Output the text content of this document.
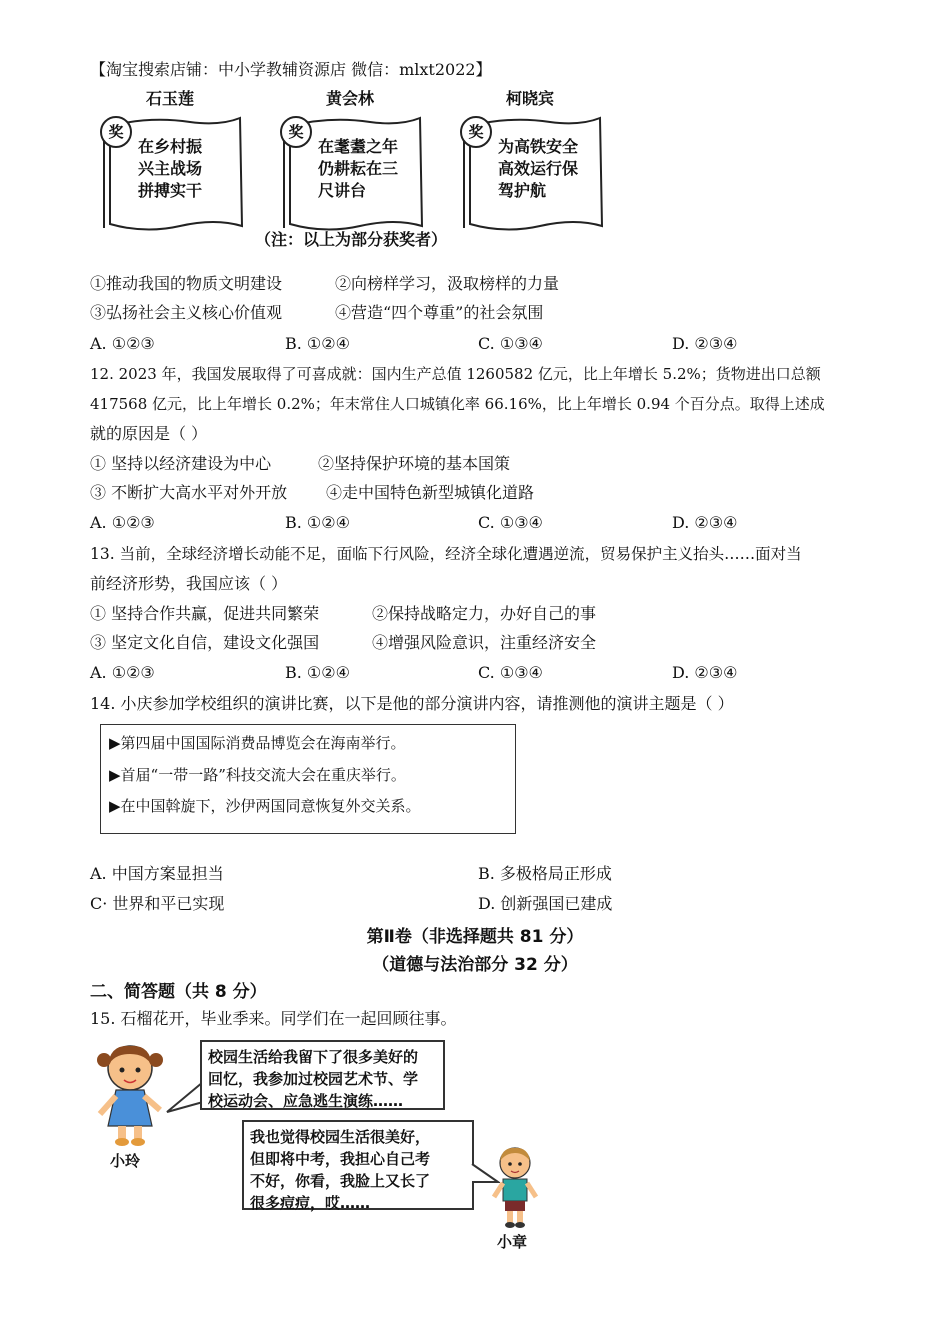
【淘宝搜索店铺：中小学教辅资源店 微信：mlxt2022】
石玉莲
奖
在乡村振
兴主战场
拼搏实干
黄会林
奖
在耄耋之年
仍耕耘在三
尺讲台
柯晓宾
奖
为高铁安全
高效运行保
驾护航
（注：以上为部分获奖者）
①推动我国的物质文明建设	②向榜样学习，汲取榜样的力量
③弘扬社会主义核心价值观	④营造“四个尊重”的社会氛围
A. ①②③	B. ①②④	C. ①③④	D. ②③④
12. 2023 年，我国发展取得了可喜成就：国内生产总值 1260582 亿元，比上年增长 5.2%；货物进出口总额
417568 亿元，比上年增长 0.2%；年末常住人口城镇化率 66.16%，比上年增长 0.94 个百分点。取得上述成
就的原因是（ ）
① 坚持以经济建设为中心	②坚持保护环境的基本国策
③ 不断扩大高水平对外开放 ④走中国特色新型城镇化道路
A. ①②③	B. ①②④	C. ①③④	D. ②③④
13. 当前，全球经济增长动能不足，面临下行风险，经济全球化遭遇逆流，贸易保护主义抬头……面对当
前经济形势，我国应该（ ）
① 坚持合作共赢，促进共同繁荣	②保持战略定力，办好自己的事
③ 坚定文化自信，建设文化强国	④增强风险意识，注重经济安全
A. ①②③	B. ①②④	C. ①③④	D. ②③④
14. 小庆参加学校组织的演讲比赛，以下是他的部分演讲内容，请推测他的演讲主题是（ ）
▶第四届中国国际消费品博览会在海南举行。
▶首届“一带一路”科技交流大会在重庆举行。
▶在中国斡旋下，沙伊两国同意恢复外交关系。
A. 中国方案显担当	B. 多极格局正形成
C· 世界和平已实现	D. 创新强国已建成
第Ⅱ卷（非选择题共 81 分）
（道德与法治部分 32 分）
二、简答题（共 8 分）
15. 石榴花开，毕业季来。同学们在一起回顾往事。
小玲
校园生活给我留下了很多美好的
回忆，我参加过校园艺术节、学
校运动会、应急逃生演练……
我也觉得校园生活很美好，
但即将中考，我担心自己考
不好，你看，我脸上又长了
很多痘痘，哎……
小章
